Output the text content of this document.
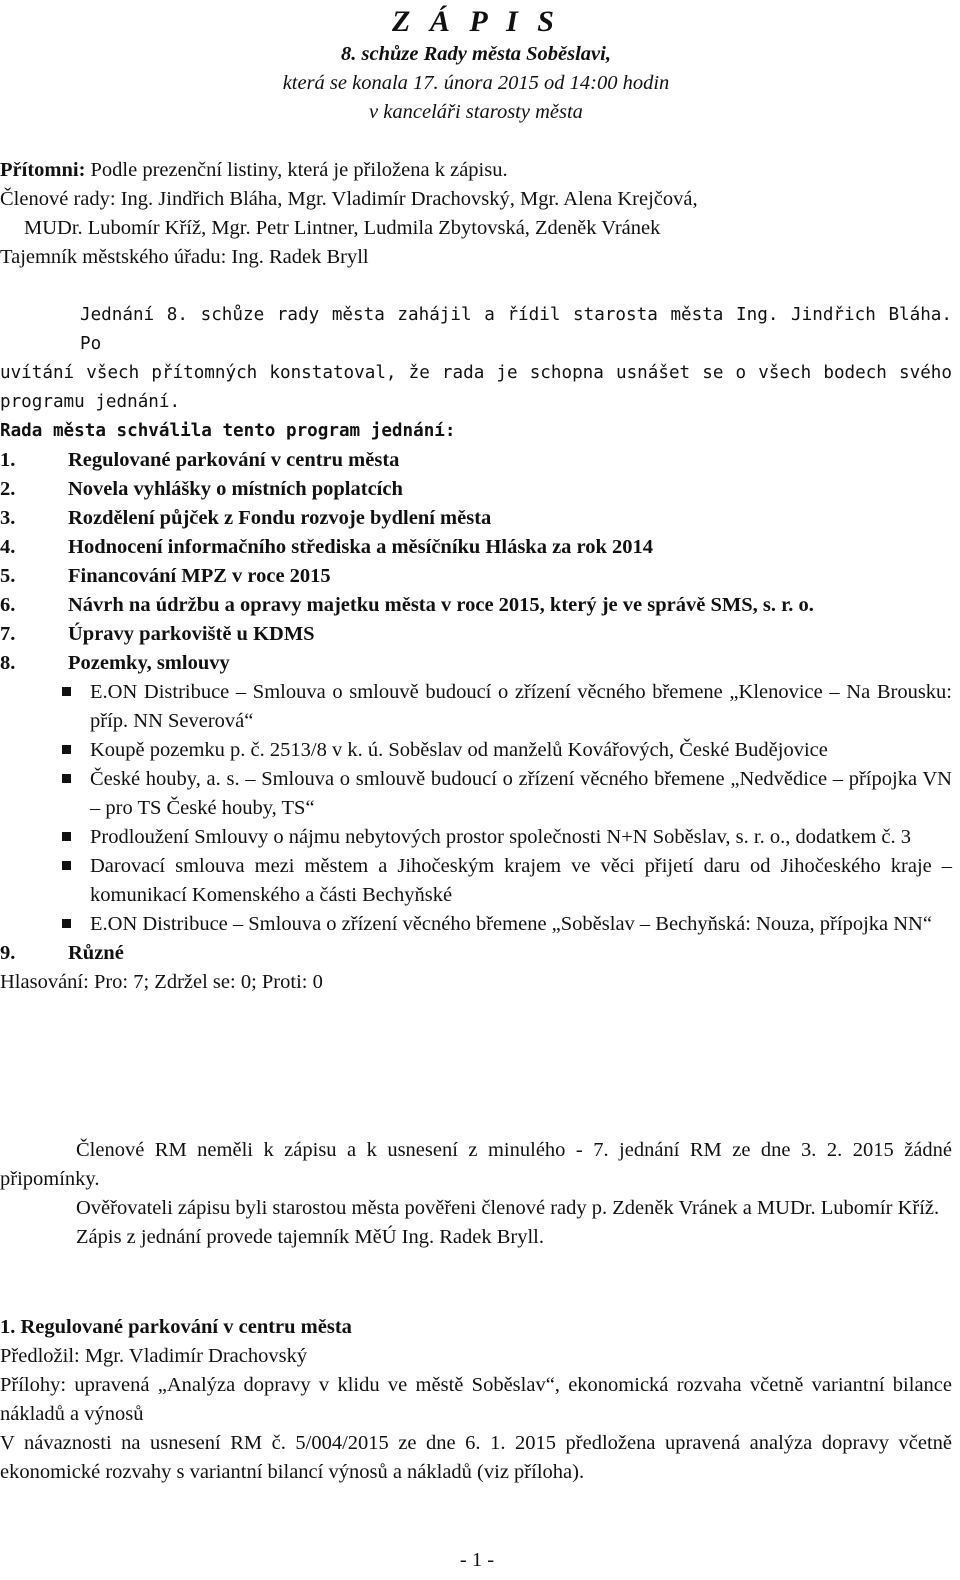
Z Á P I S
8. schůze Rady města Soběslavi,
která se konala 17. února 2015 od 14:00 hodin
v kanceláři starosty města
Přítomni: Podle prezenční listiny, která je přiložena k zápisu.
Členové rady: Ing. Jindřich Bláha, Mgr. Vladimír Drachovský, Mgr. Alena Krejčová,
MUDr. Lubomír Kříž, Mgr. Petr Lintner, Ludmila Zbytovská, Zdeněk Vránek
Tajemník městského úřadu: Ing. Radek Bryll
Jednání 8. schůze rady města zahájil a řídil starosta města Ing. Jindřich Bláha. Po
uvítání všech přítomných konstatoval, že rada je schopna usnášet se o všech bodech svého
programu jednání.
Rada města schválila tento program jednání:
1.	Regulované parkování v centru města
2.	Novela vyhlášky o místních poplatcích
3.	Rozdělení půjček z Fondu rozvoje bydlení města
4.	Hodnocení informačního střediska a měsíčníku Hláska za rok 2014
5.	Financování MPZ v roce 2015
6.	Návrh na údržbu a opravy majetku města v roce 2015, který je ve správě SMS, s. r. o.
7.	Úpravy parkoviště u KDMS
8.	Pozemky, smlouvy
E.ON Distribuce – Smlouva o smlouvě budoucí o zřízení věcného břemene „Klenovice – Na Brousku: příp. NN Severová“
Koupě pozemku p. č. 2513/8 v k. ú. Soběslav od manželů Kovářových, České Budějovice
České houby, a. s. – Smlouva o smlouvě budoucí o zřízení věcného břemene „Nedvědice – přípojka VN – pro TS České houby, TS“
Prodloužení Smlouvy o nájmu nebytových prostor společnosti N+N Soběslav, s. r. o., dodatkem č. 3
Darovací smlouva mezi městem a Jihočeským krajem ve věci přijetí daru od Jihočeského kraje – komunikací Komenského a části Bechyňské
E.ON Distribuce – Smlouva o zřízení věcného břemene „Soběslav – Bechyňská: Nouza, přípojka NN“
9.	Různé
Hlasování: Pro: 7; Zdržel se: 0; Proti: 0

Členové RM neměli k zápisu a k usnesení z minulého - 7. jednání RM ze dne 3. 2. 2015 žádné připomínky.

Ověřovateli zápisu byli starostou města pověřeni členové rady p. Zdeněk Vránek a MUDr. Lubomír Kříž.

Zápis z jednání provede tajemník MěÚ Ing. Radek Bryll.

1. Regulované parkování v centru města
Předložil: Mgr. Vladimír Drachovský
Přílohy: upravená „Analýza dopravy v klidu ve městě Soběslav“, ekonomická rozvaha včetně variantní bilance nákladů a výnosů
V návaznosti na usnesení RM č. 5/004/2015 ze dne 6. 1. 2015 předložena upravená analýza dopravy včetně ekonomické rozvahy s variantní bilancí výnosů a nákladů (viz příloha).
- 1 -
